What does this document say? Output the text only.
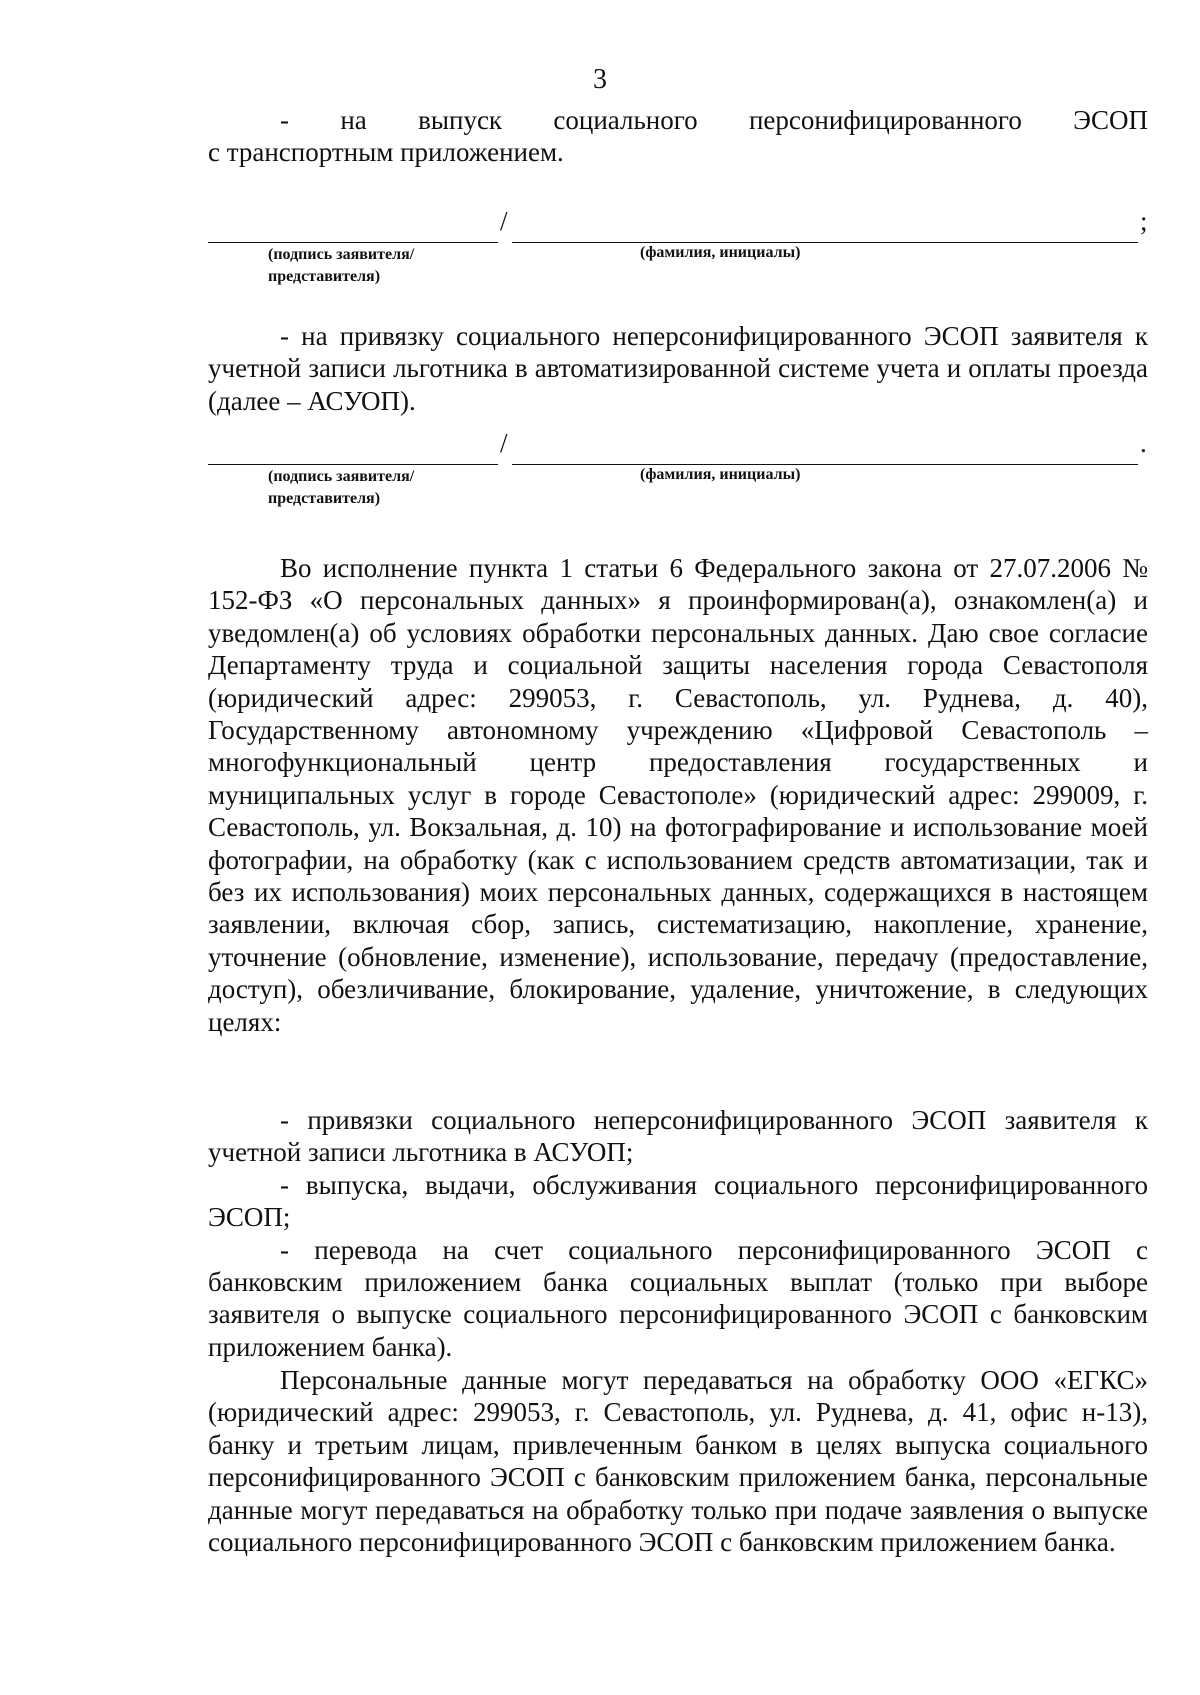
3
- на выпуск социального персонифицированного ЭСОП
с транспортным приложением.
/	;
(подпись заявителя/ представителя)
(фамилия, инициалы)
- на привязку социального неперсонифицированного ЭСОП заявителя к учетной записи льготника в автоматизированной системе учета и оплаты проезда (далее – АСУОП).
/	.
(подпись заявителя/ представителя)
(фамилия, инициалы)
Во исполнение пункта 1 статьи 6 Федерального закона от 27.07.2006 № 152-ФЗ «О персональных данных» я проинформирован(а), ознакомлен(а) и уведомлен(а) об условиях обработки персональных данных. Даю свое согласие Департаменту труда и социальной защиты населения города Севастополя (юридический адрес: 299053, г. Севастополь, ул. Руднева, д. 40), Государственному автономному учреждению «Цифровой Севастополь – многофункциональный центр предоставления государственных и муниципальных услуг в городе Севастополе» (юридический адрес: 299009, г. Севастополь, ул. Вокзальная, д. 10) на фотографирование и использование моей фотографии, на обработку (как с использованием средств автоматизации, так и без их использования) моих персональных данных, содержащихся в настоящем заявлении, включая сбор, запись, систематизацию, накопление, хранение, уточнение (обновление, изменение), использование, передачу (предоставление, доступ), обезличивание, блокирование, удаление, уничтожение, в следующих целях:
- привязки социального неперсонифицированного ЭСОП заявителя к учетной записи льготника в АСУОП;
- выпуска, выдачи, обслуживания социального персонифицированного ЭСОП;
- перевода на счет социального персонифицированного ЭСОП с банковским приложением банка социальных выплат (только при выборе заявителя о выпуске социального персонифицированного ЭСОП с банковским приложением банка).
Персональные данные могут передаваться на обработку ООО «ЕГКС» (юридический адрес: 299053, г. Севастополь, ул. Руднева, д. 41, офис н-13), банку и третьим лицам, привлеченным банком в целях выпуска социального персонифицированного ЭСОП с банковским приложением банка, персональные данные могут передаваться на обработку только при подаче заявления о выпуске социального персонифицированного ЭСОП с банковским приложением банка.
